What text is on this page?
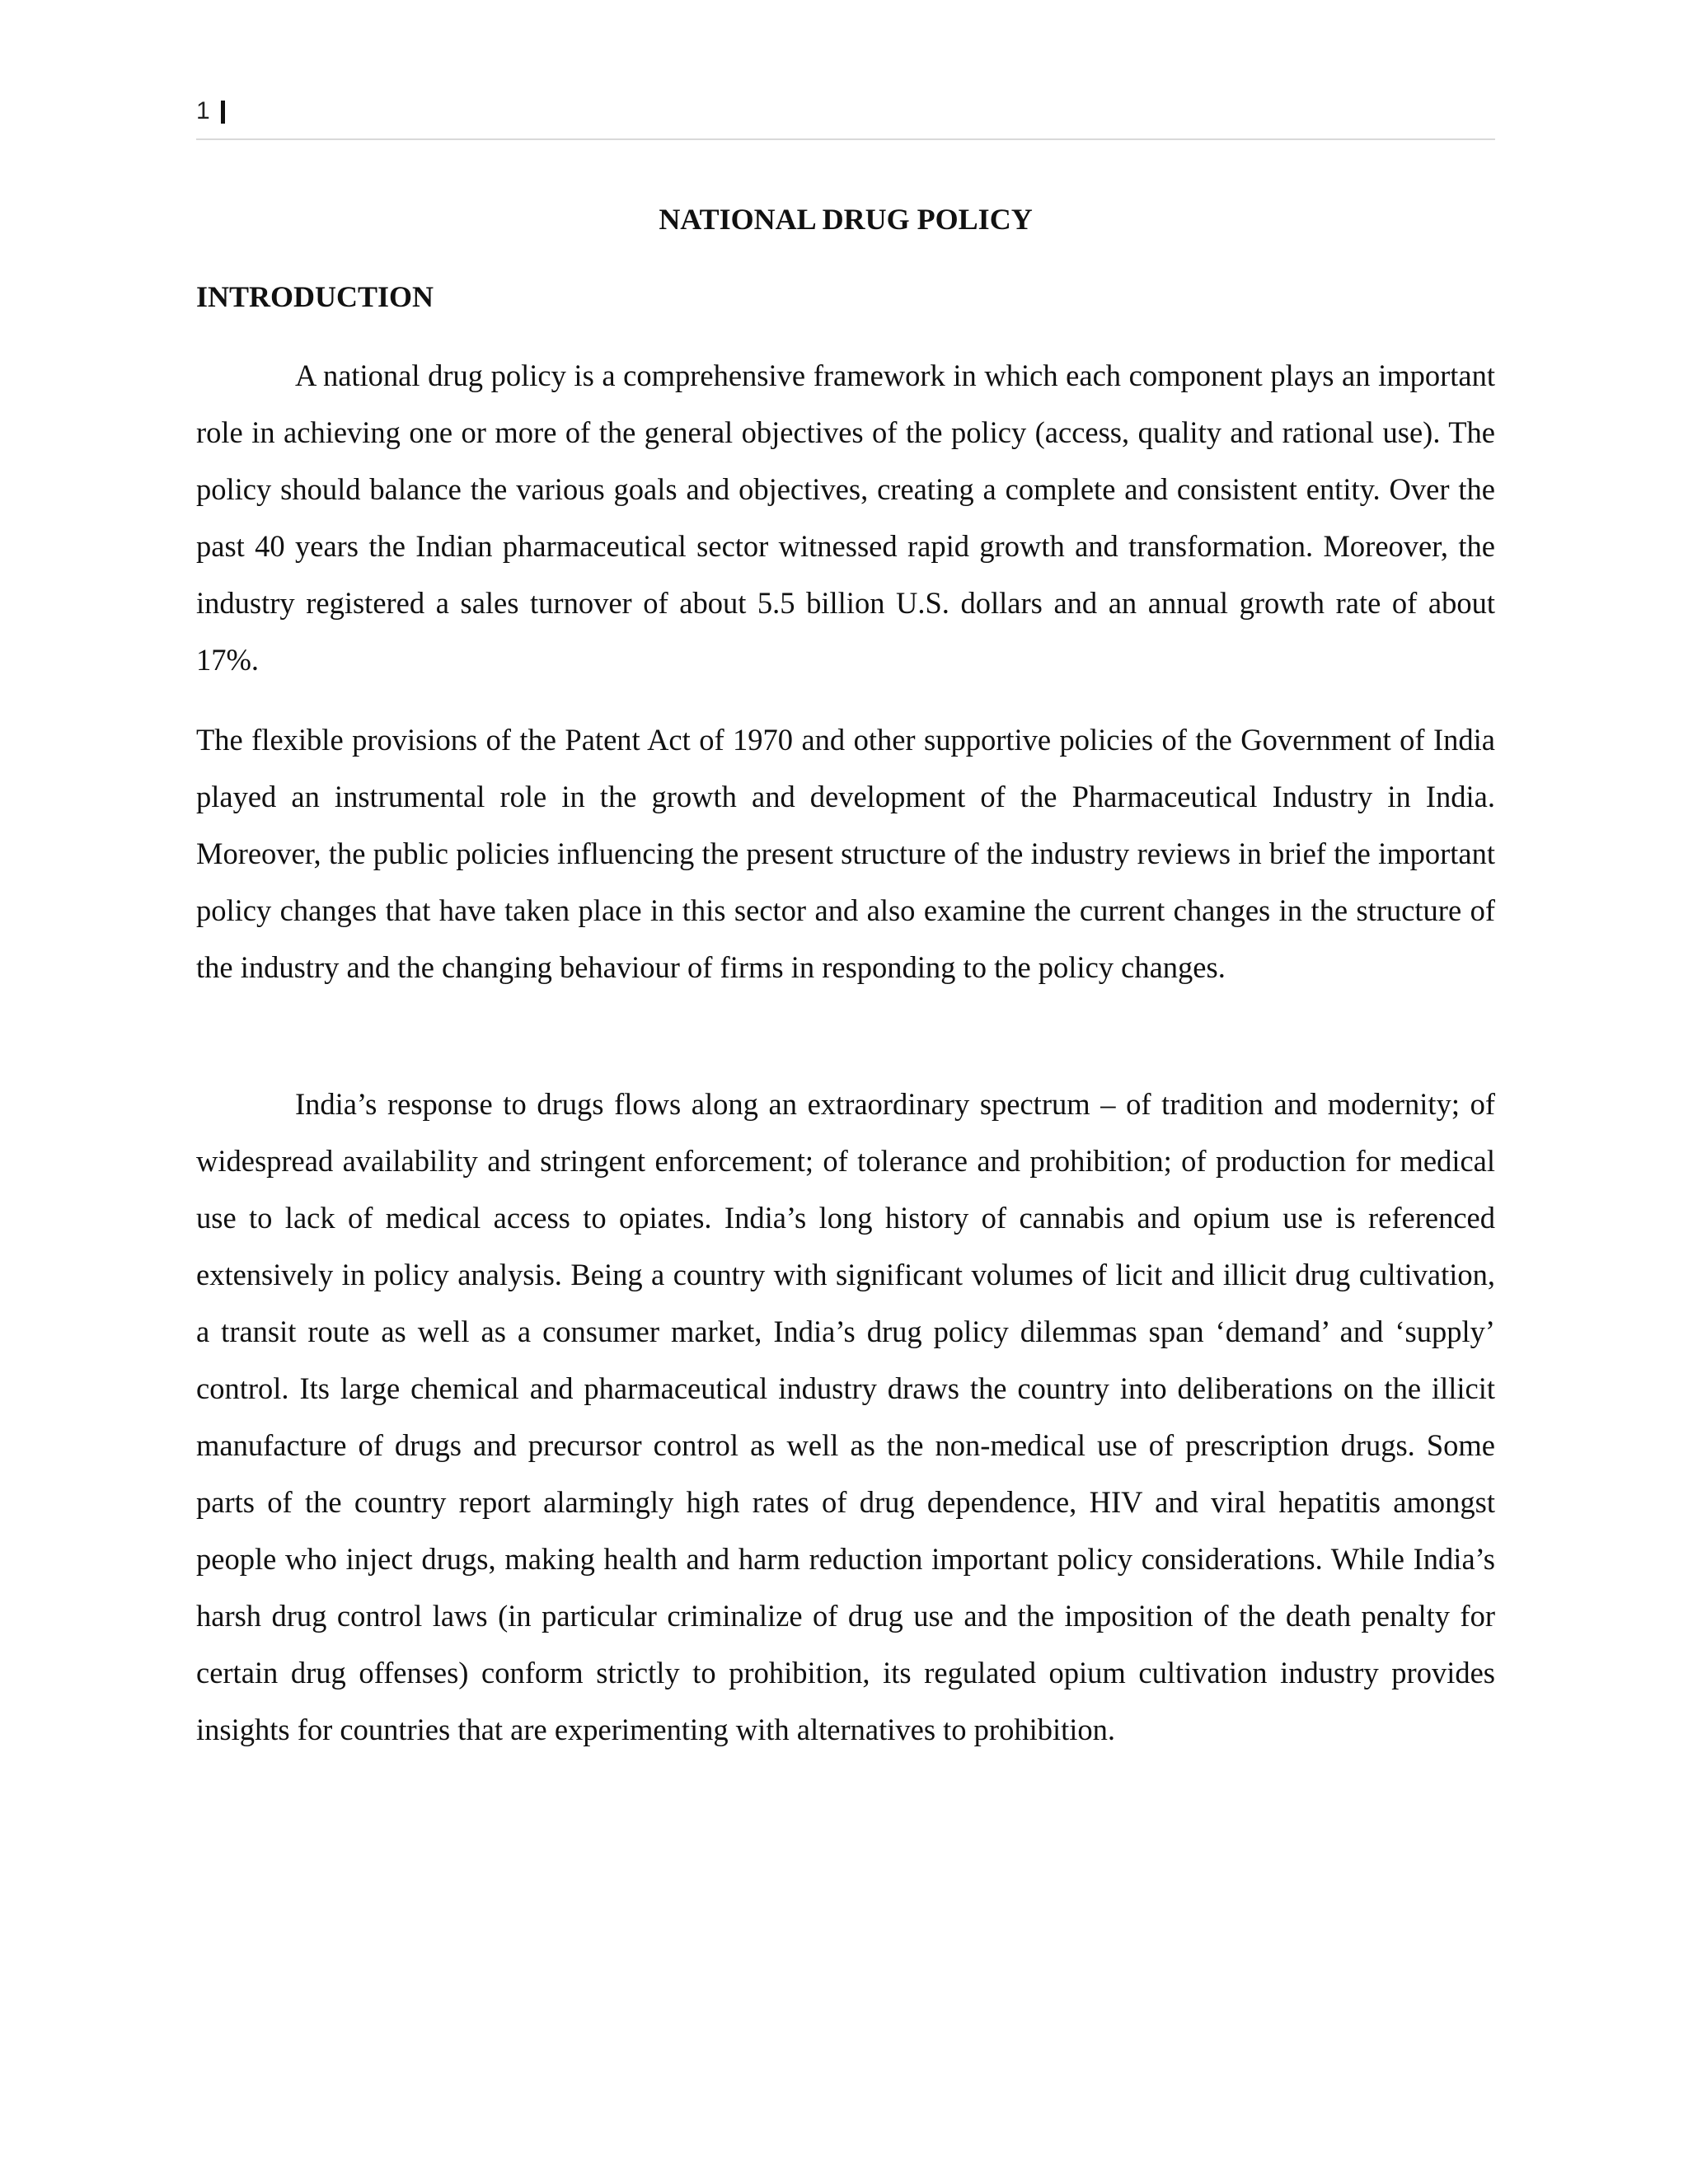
1
NATIONAL DRUG POLICY
INTRODUCTION

A national drug policy is a comprehensive framework in which each component plays an important role in achieving one or more of the general objectives of the policy (access, quality and rational use). The policy should balance the various goals and objectives, creating a complete and consistent entity. Over the past 40 years the Indian pharmaceutical sector witnessed rapid growth and transformation. Moreover, the industry registered a sales turnover of about 5.5 billion U.S. dollars and an annual growth rate of about 17%.

The flexible provisions of the Patent Act of 1970 and other supportive policies of the Government of India played an instrumental role in the growth and development of the Pharmaceutical Industry in India. Moreover, the public policies influencing the present structure of the industry reviews in brief the important policy changes that have taken place in this sector and also examine the current changes in the structure of the industry and the changing behaviour of firms in responding to the policy changes.

India’s response to drugs flows along an extraordinary spectrum – of tradition and modernity; of widespread availability and stringent enforcement; of tolerance and prohibition; of production for medical use to lack of medical access to opiates. India’s long history of cannabis and opium use is referenced extensively in policy analysis. Being a country with significant volumes of licit and illicit drug cultivation, a transit route as well as a consumer market, India’s drug policy dilemmas span ‘demand’ and ‘supply’ control. Its large chemical and pharmaceutical industry draws the country into deliberations on the illicit manufacture of drugs and precursor control as well as the non-medical use of prescription drugs. Some parts of the country report alarmingly high rates of drug dependence, HIV and viral hepatitis amongst people who inject drugs, making health and harm reduction important policy considerations. While India’s harsh drug control laws (in particular criminalize of drug use and the imposition of the death penalty for certain drug offenses) conform strictly to prohibition, its regulated opium cultivation industry provides insights for countries that are experimenting with alternatives to prohibition.
